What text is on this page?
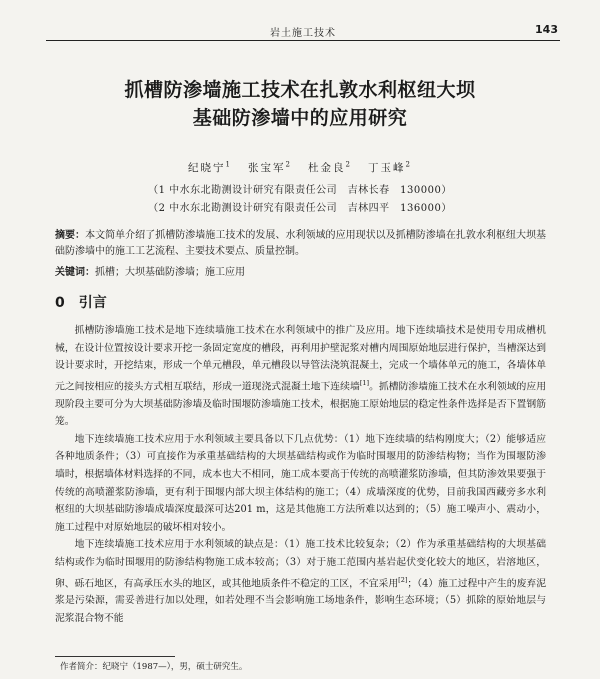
岩土施工技术	143
抓槽防渗墙施工技术在扎敦水利枢纽大坝
基础防渗墙中的应用研究
纪晓宁$^1$ 张宝军$^2$ 杜金良$^2$ 丁玉峰$^2$
（1 中水东北勘测设计研究有限责任公司　吉林长春　130000）
（2 中水东北勘测设计研究有限责任公司　吉林四平　136000）
摘要：本文简单介绍了抓槽防渗墙施工技术的发展、水利领域的应用现状以及抓槽防渗墙在扎敦水利枢纽大坝基础防渗墙中的施工工艺流程、主要技术要点、质量控制。
关键词：抓槽；大坝基础防渗墙；施工应用
0 引言

抓槽防渗墙施工技术是地下连续墙施工技术在水利领域中的推广及应用。地下连续墙技术是使用专用成槽机械，在设计位置按设计要求开挖一条固定宽度的槽段，再利用护壁泥浆对槽内周围原始地层进行保护，当槽深达到设计要求时，开挖结束，形成一个单元槽段，单元槽段以导管法浇筑混凝土，完成一个墙体单元的施工，各墙体单元之间按相应的接头方式相互联结，形成一道现浇式混凝土地下连续墙[1]。抓槽防渗墙施工技术在水利领域的应用现阶段主要可分为大坝基础防渗墙及临时围堰防渗墙施工技术，根据施工原始地层的稳定性条件选择是否下置钢筋笼。

地下连续墙施工技术应用于水利领域主要具备以下几点优势：（1）地下连续墙的结构刚度大；（2）能够适应各种地质条件；（3）可直接作为承重基础结构的大坝基础结构或作为临时围堰用的防渗结构物；当作为围堰防渗墙时，根据墙体材料选择的不同，成本也大不相同，施工成本要高于传统的高喷灌浆防渗墙，但其防渗效果要强于传统的高喷灌浆防渗墙，更有利于围堰内部大坝主体结构的施工；（4）成墙深度的优势，目前我国西藏旁多水利枢纽的大坝基础防渗墙成墙深度最深可达201 m，这是其他施工方法所难以达到的；（5）施工噪声小、震动小，施工过程中对原始地层的破坏相对较小。

地下连续墙施工技术应用于水利领域的缺点是：（1）施工技术比较复杂；（2）作为承重基础结构的大坝基础结构或作为临时围堰用的防渗结构物施工成本较高；（3）对于施工范围内基岩起伏变化较大的地区，岩溶地区，卵、砾石地区，有高承压水头的地区，或其他地质条件不稳定的工区，不宜采用[2]；（4）施工过程中产生的废弃泥浆是污染源，需妥善进行加以处理，如若处理不当会影响施工场地条件，影响生态环境；（5）抓除的原始地层与泥浆混合物不能

作者简介：纪晓宁（1987—），男，硕士研究生。
